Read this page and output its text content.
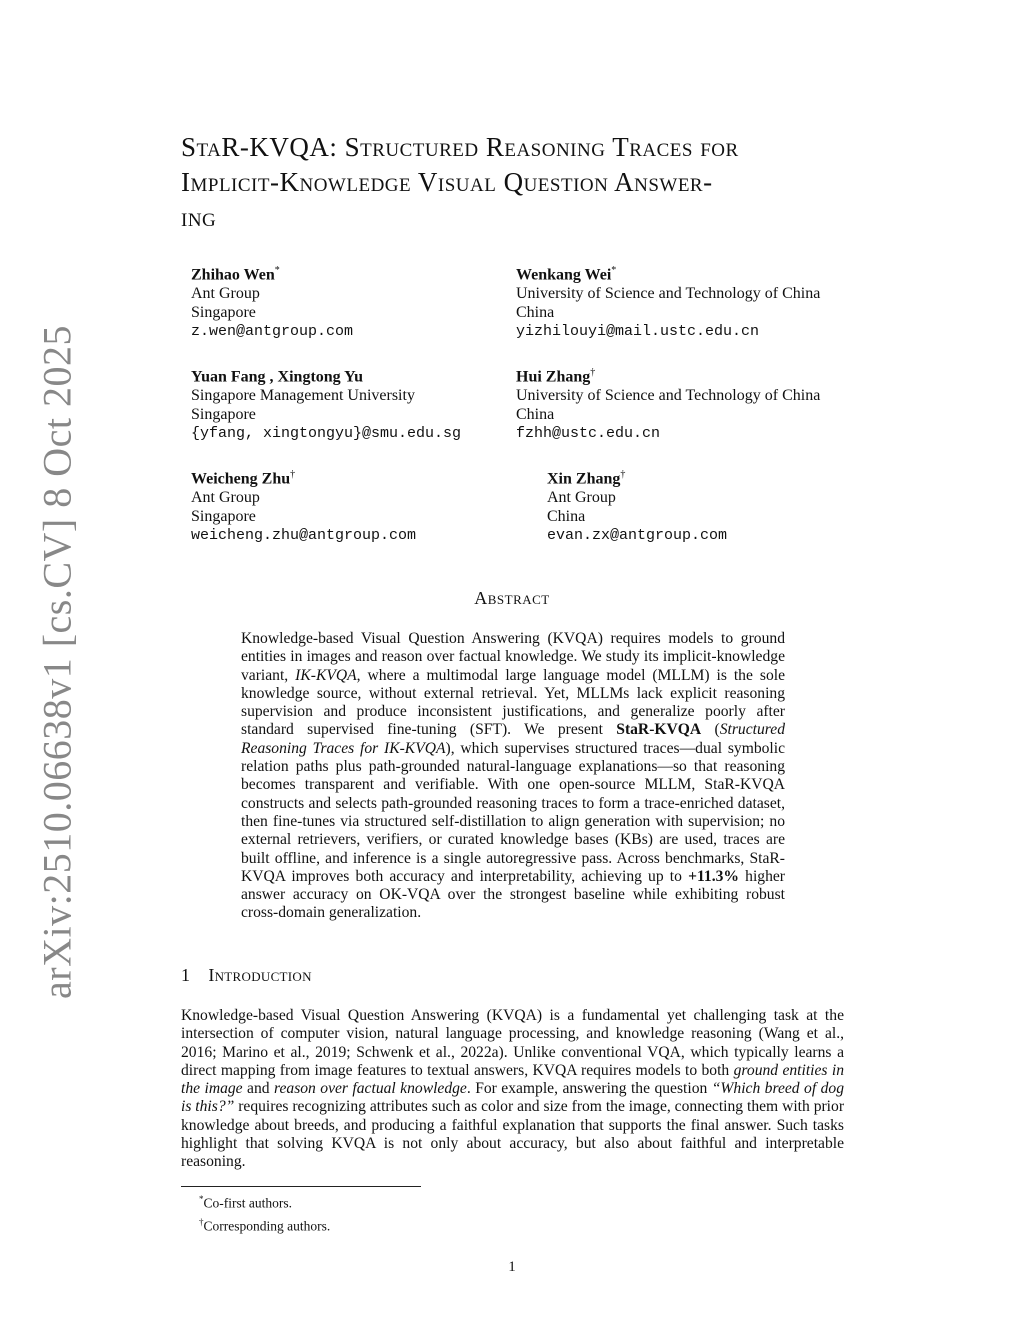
arXiv:2510.06638v1 [cs.CV] 8 Oct 2025
StaR-KVQA: Structured Reasoning Traces for
Implicit-Knowledge Visual Question Answer-
ing
Zhihao Wen*
Ant Group
Singapore
z.wen@antgroup.com
Wenkang Wei*
University of Science and Technology of China
China
yizhilouyi@mail.ustc.edu.cn
Yuan Fang , Xingtong Yu
Singapore Management University
Singapore
{yfang, xingtongyu}@smu.edu.sg
Hui Zhang†
University of Science and Technology of China
China
fzhh@ustc.edu.cn
Weicheng Zhu†
Ant Group
Singapore
weicheng.zhu@antgroup.com
Xin Zhang†
Ant Group
China
evan.zx@antgroup.com
Abstract
Knowledge-based Visual Question Answering (KVQA) requires models to ground entities in images and reason over factual knowledge. We study its implicit-knowledge variant, IK-KVQA, where a multimodal large language model (MLLM) is the sole knowledge source, without external retrieval. Yet, MLLMs lack explicit reasoning supervision and produce inconsistent justifications, and generalize poorly after standard supervised fine-tuning (SFT). We present StaR-KVQA (Structured Reasoning Traces for IK-KVQA), which supervises structured traces—dual symbolic relation paths plus path-grounded natural-language explanations—so that reasoning becomes transparent and verifiable. With one open-source MLLM, StaR-KVQA constructs and selects path-grounded reasoning traces to form a trace-enriched dataset, then fine-tunes via structured self-distillation to align generation with supervision; no external retrievers, verifiers, or curated knowledge bases (KBs) are used, traces are built offline, and inference is a single autoregressive pass. Across benchmarks, StaR-KVQA improves both accuracy and interpretability, achieving up to +11.3% higher answer accuracy on OK-VQA over the strongest baseline while exhibiting robust cross-domain generalization.
1 Introduction
Knowledge-based Visual Question Answering (KVQA) is a fundamental yet challenging task at the intersection of computer vision, natural language processing, and knowledge reasoning (Wang et al., 2016; Marino et al., 2019; Schwenk et al., 2022a). Unlike conventional VQA, which typically learns a direct mapping from image features to textual answers, KVQA requires models to both ground entities in the image and reason over factual knowledge. For example, answering the question “Which breed of dog is this?” requires recognizing attributes such as color and size from the image, connecting them with prior knowledge about breeds, and producing a faithful explanation that supports the final answer. Such tasks highlight that solving KVQA is not only about accuracy, but also about faithful and interpretable reasoning.
*Co-first authors.
†Corresponding authors.
1
